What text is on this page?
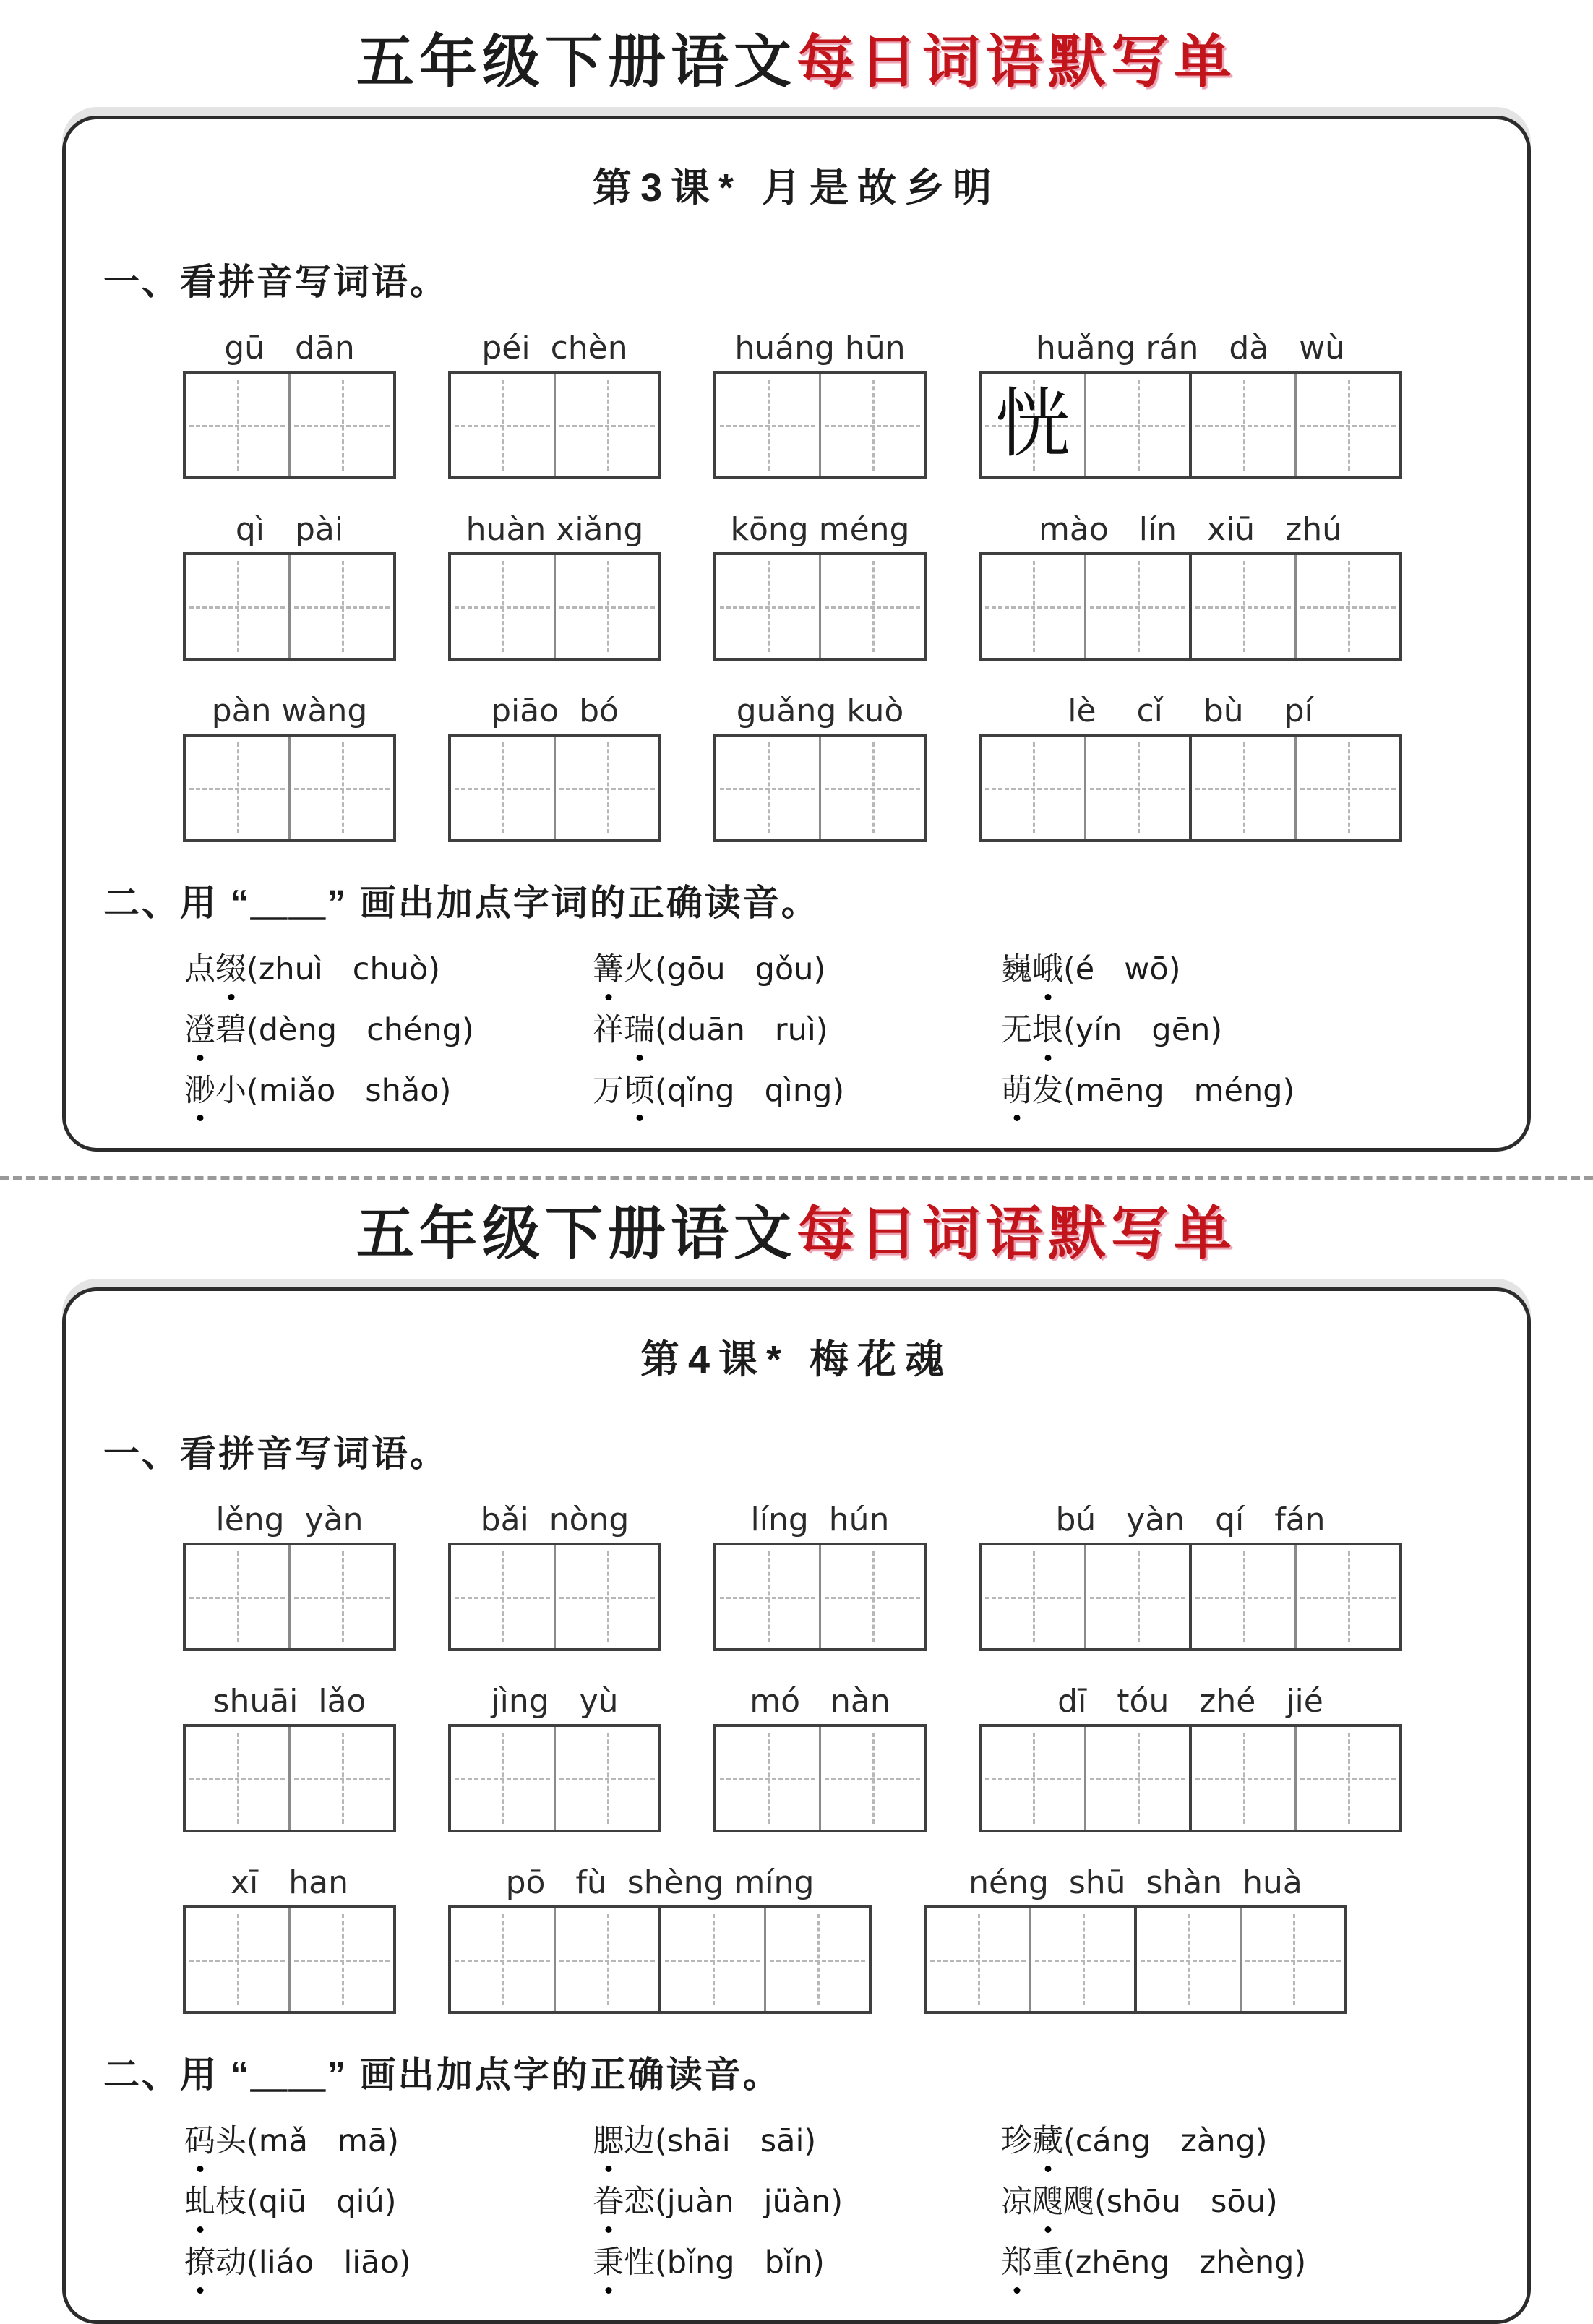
五年级下册语文每日词语默写单
第3课* 月是故乡明
一、看拼音写词语。
gū   dān	péi  chèn	huáng hūn	huǎng rán   dà   wù
恍
qì   pài	huàn xiǎng	kōng méng	mào   lín   xiū   zhú
pàn wàng	piāo  bó	guǎng kuò	lè    cǐ    bù    pí
二、用 “＿＿” 画出加点字词的正确读音。
点缀(zhuì   chuò)	篝火(gōu   gǒu)	巍峨(é   wō)
澄碧(dèng   chéng)	祥瑞(duān   ruì)	无垠(yín   gēn)
渺小(miǎo   shǎo)	万顷(qǐng   qìng)	萌发(mēng   méng)
五年级下册语文每日词语默写单
第4课* 梅花魂
一、看拼音写词语。
lěng  yàn	bǎi  nòng	líng  hún	bú   yàn   qí   fán
shuāi  lǎo	jìng   yù	mó   nàn	dī   tóu   zhé   jié
xī   han	pō   fù  shèng míng	néng  shū  shàn  huà
二、用 “＿＿” 画出加点字的正确读音。
码头(mǎ   mā)	腮边(shāi   sāi)	珍藏(cáng   zàng)
虬枝(qiū   qiú)	眷恋(juàn   jüàn)	凉飕飕(shōu   sōu)
撩动(liáo   liāo)	秉性(bǐng   bǐn)	郑重(zhēng   zhèng)
